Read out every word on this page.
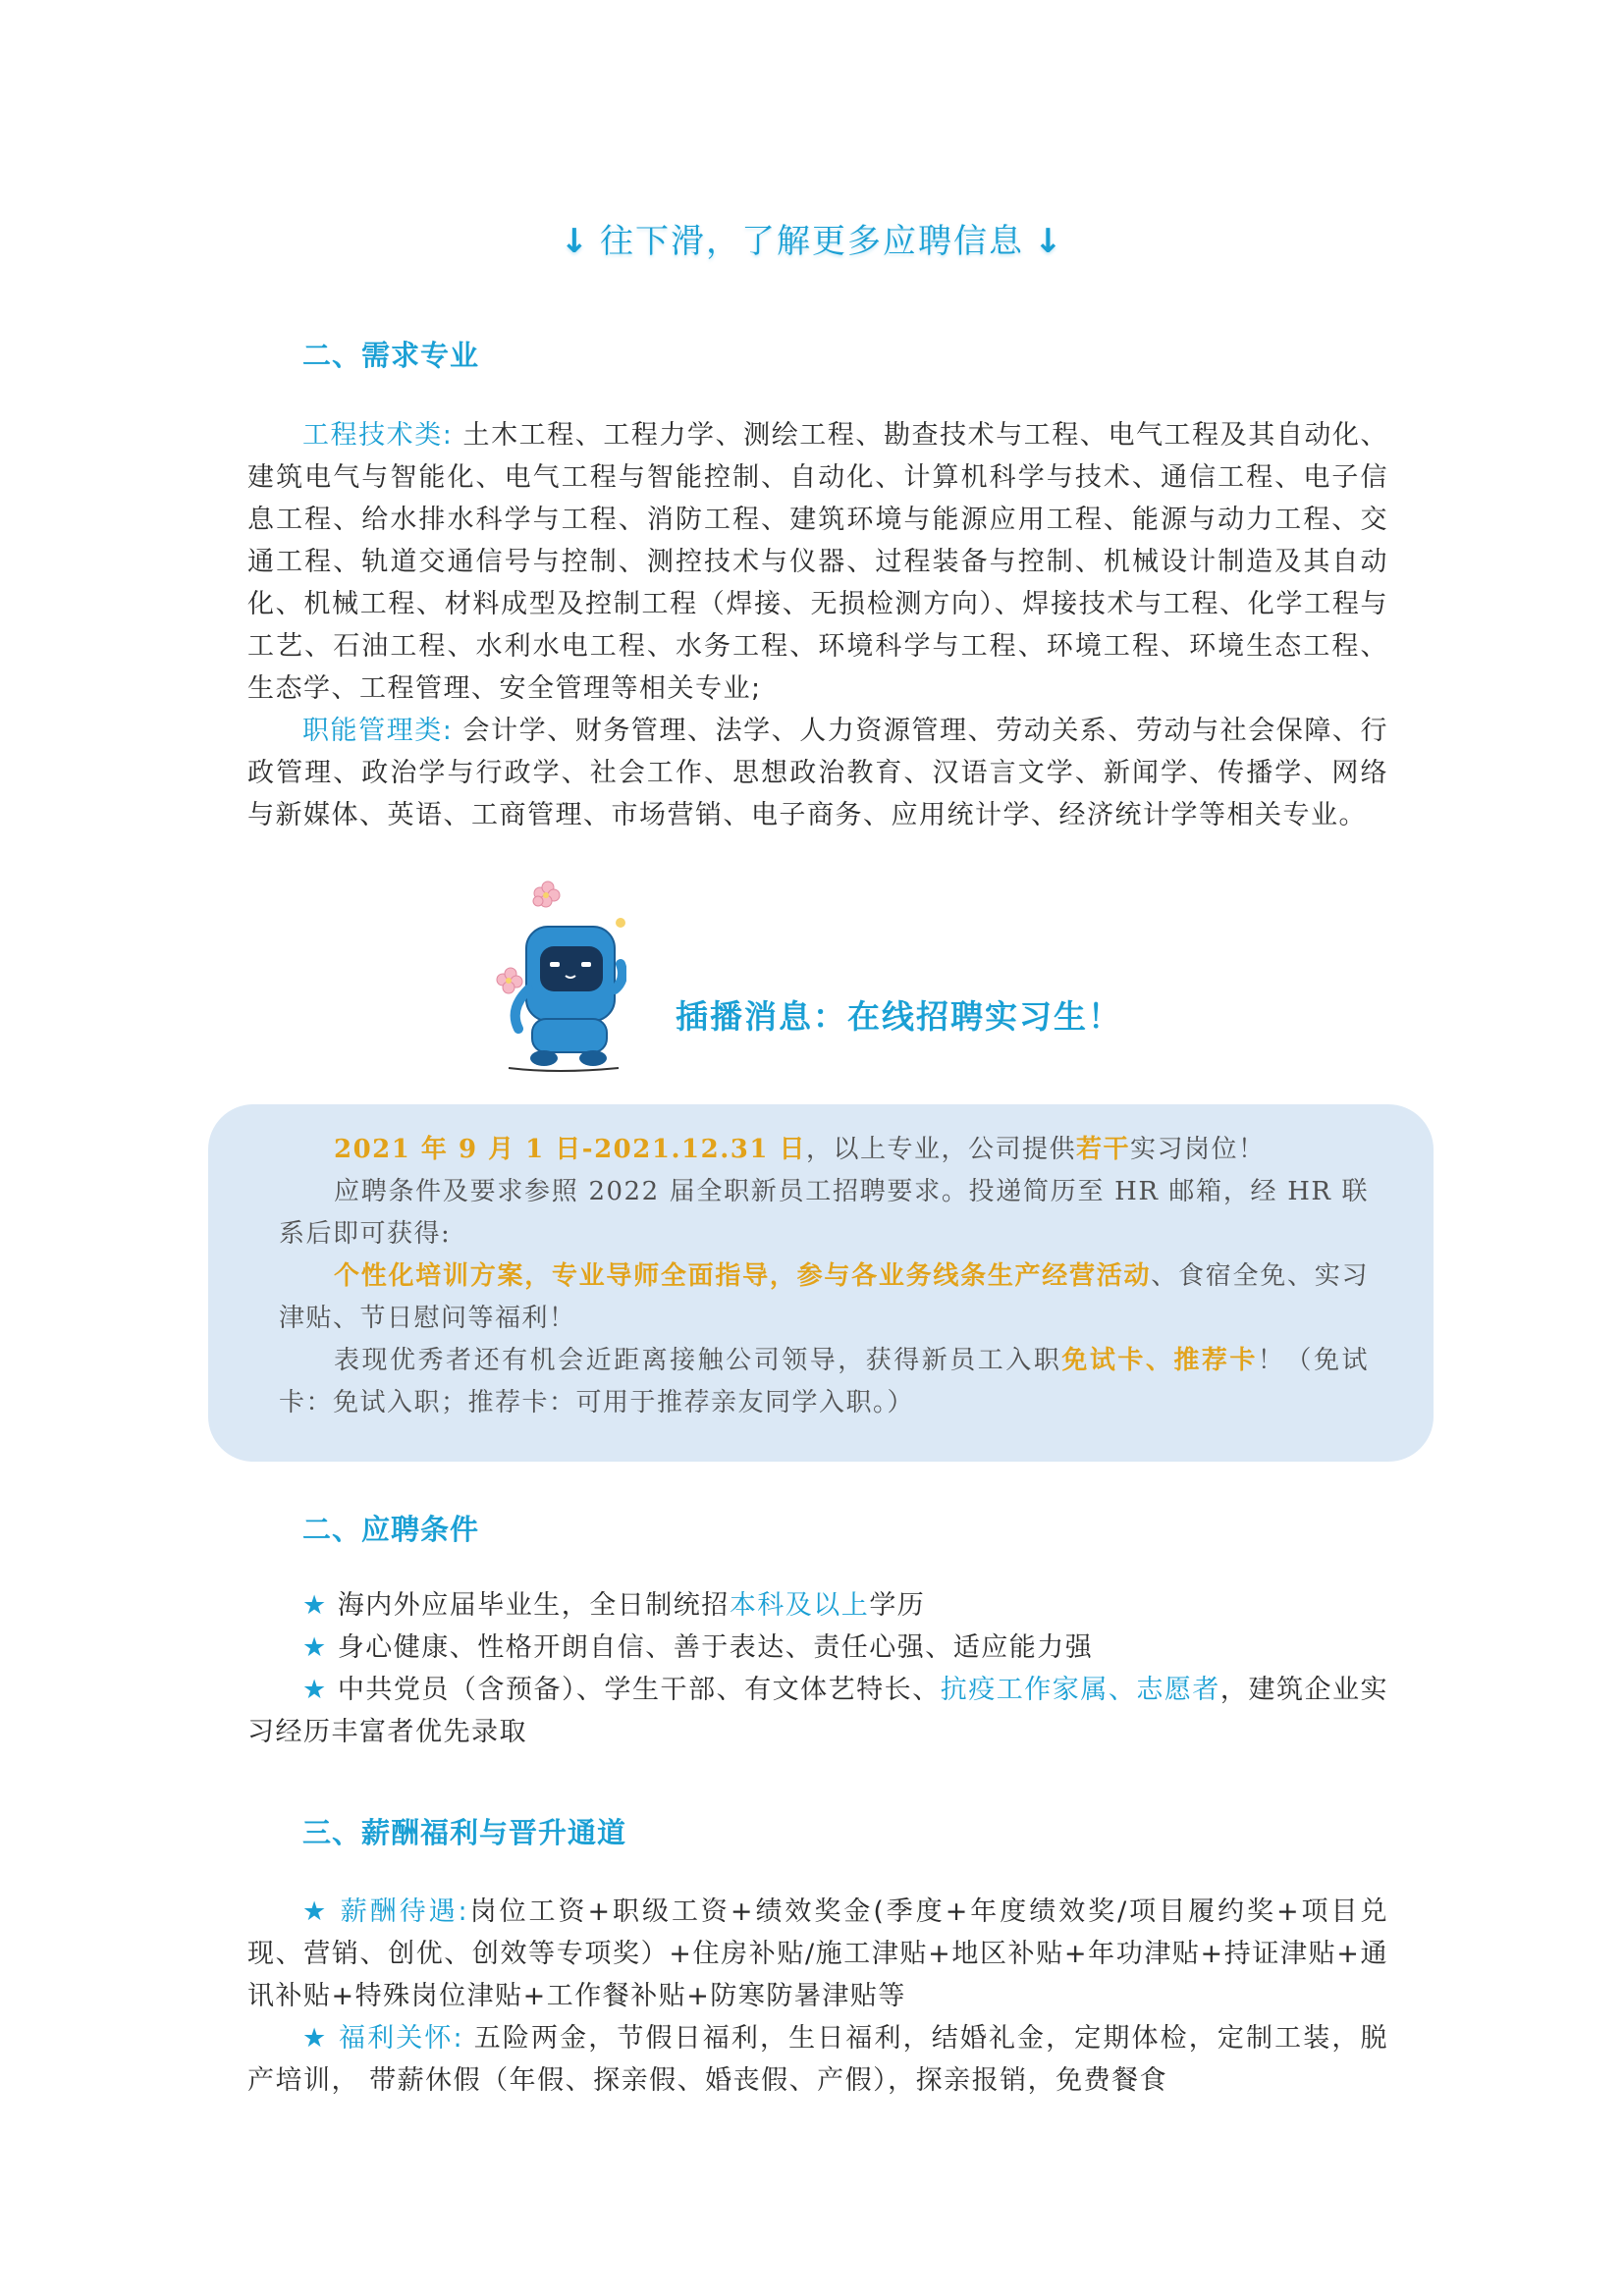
↓ 往下滑，了解更多应聘信息 ↓
二、需求专业

工程技术类: 土木工程、工程力学、测绘工程、勘查技术与工程、电气工程及其自动化、建筑电气与智能化、电气工程与智能控制、自动化、计算机科学与技术、通信工程、电子信息工程、给水排水科学与工程、消防工程、建筑环境与能源应用工程、能源与动力工程、交通工程、轨道交通信号与控制、测控技术与仪器、过程装备与控制、机械设计制造及其自动化、机械工程、材料成型及控制工程（焊接、无损检测方向）、焊接技术与工程、化学工程与工艺、石油工程、水利水电工程、水务工程、环境科学与工程、环境工程、环境生态工程、生态学、工程管理、安全管理等相关专业;

职能管理类: 会计学、财务管理、法学、人力资源管理、劳动关系、劳动与社会保障、行政管理、政治学与行政学、社会工作、思想政治教育、汉语言文学、新闻学、传播学、网络与新媒体、英语、工商管理、市场营销、电子商务、应用统计学、经济统计学等相关专业。

插播消息：在线招聘实习生！

2021 年 9 月 1 日-2021.12.31 日，以上专业，公司提供若干实习岗位！

应聘条件及要求参照 2022 届全职新员工招聘要求。投递简历至 HR 邮箱，经 HR 联系后即可获得:

个性化培训方案，专业导师全面指导，参与各业务线条生产经营活动、食宿全免、实习津贴、节日慰问等福利！

表现优秀者还有机会近距离接触公司领导，获得新员工入职免试卡、推荐卡！（免试卡：免试入职；推荐卡：可用于推荐亲友同学入职。）

二、应聘条件

★ 海内外应届毕业生，全日制统招本科及以上学历

★ 身心健康、性格开朗自信、善于表达、责任心强、适应能力强

★ 中共党员（含预备）、学生干部、有文体艺特长、抗疫工作家属、志愿者，建筑企业实习经历丰富者优先录取

三、薪酬福利与晋升通道

★ 薪酬待遇:岗位工资+职级工资+绩效奖金(季度+年度绩效奖/项目履约奖+项目兑现、营销、创优、创效等专项奖）+住房补贴/施工津贴+地区补贴+年功津贴+持证津贴+通讯补贴+特殊岗位津贴+工作餐补贴+防寒防暑津贴等

★ 福利关怀: 五险两金，节假日福利，生日福利，结婚礼金，定期体检，定制工装，脱产培训， 带薪休假（年假、探亲假、婚丧假、产假），探亲报销，免费餐食
